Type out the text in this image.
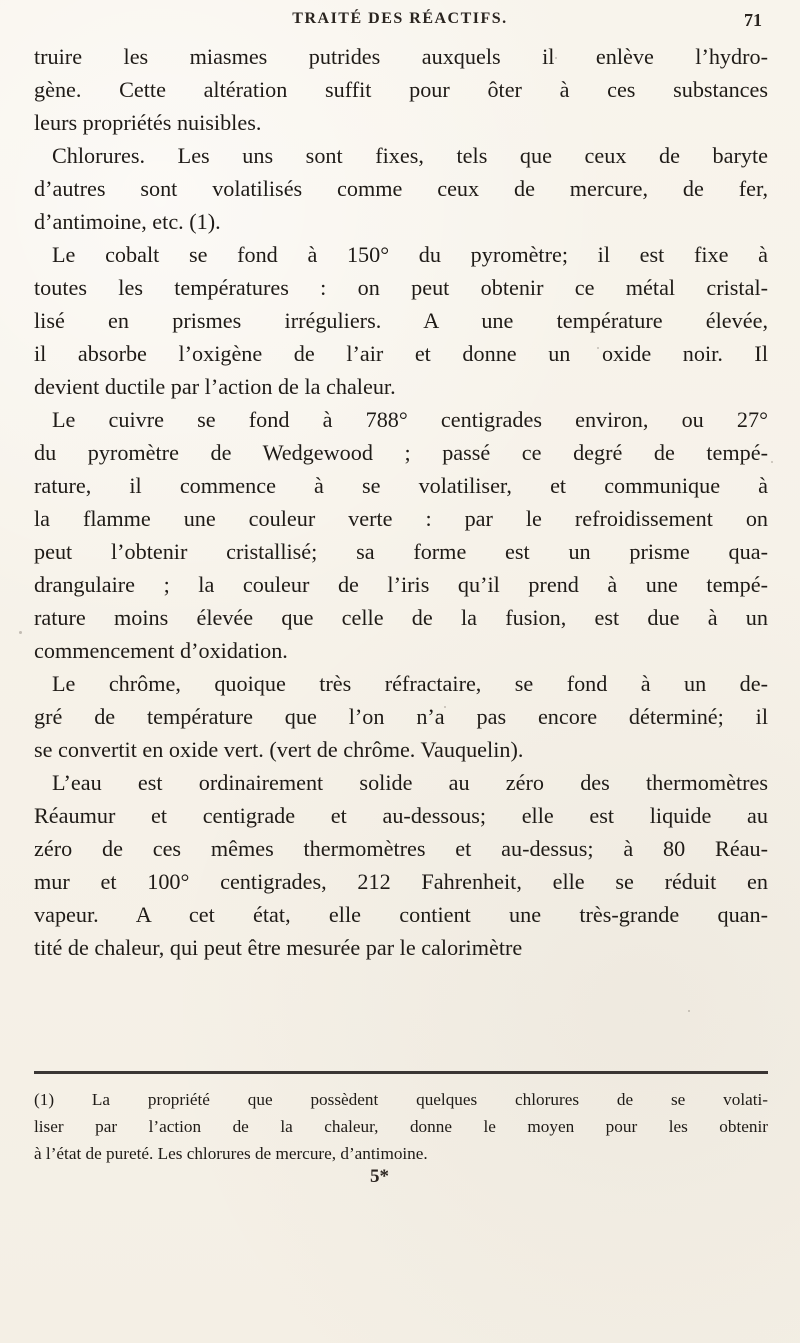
TRAITÉ DES RÉACTIFS.	71
truire les miasmes putrides auxquels il enlève l’hydro-
gène. Cette altération suffit pour ôter à ces substances
leurs propriétés nuisibles.
Chlorures. Les uns sont fixes, tels que ceux de baryte
d’autres sont volatilisés comme ceux de mercure, de fer,
d’antimoine, etc. (1).
Le cobalt se fond à 150° du pyromètre; il est fixe à
toutes les températures : on peut obtenir ce métal cristal-
lisé en prismes irréguliers. A une température élevée,
il absorbe l’oxigène de l’air et donne un oxide noir. Il
devient ductile par l’action de la chaleur.
Le cuivre se fond à 788° centigrades environ, ou 27°
du pyromètre de Wedgewood ; passé ce degré de tempé-
rature, il commence à se volatiliser, et communique à
la flamme une couleur verte : par le refroidissement on
peut l’obtenir cristallisé; sa forme est un prisme qua-
drangulaire ; la couleur de l’iris qu’il prend à une tempé-
rature moins élevée que celle de la fusion, est due à un
commencement d’oxidation.
Le chrôme, quoique très réfractaire, se fond à un de-
gré de température que l’on n’a pas encore déterminé; il
se convertit en oxide vert. (vert de chrôme. Vauquelin).
L’eau est ordinairement solide au zéro des thermomètres
Réaumur et centigrade et au-dessous; elle est liquide au
zéro de ces mêmes thermomètres et au-dessus; à 80 Réau-
mur et 100° centigrades, 212 Fahrenheit, elle se réduit en
vapeur. A cet état, elle contient une très-grande quan-
tité de chaleur, qui peut être mesurée par le calorimètre
(1) La propriété que possèdent quelques chlorures de se volati-
liser par l’action de la chaleur, donne le moyen pour les obtenir
à l’état de pureté. Les chlorures de mercure, d’antimoine.
5*
